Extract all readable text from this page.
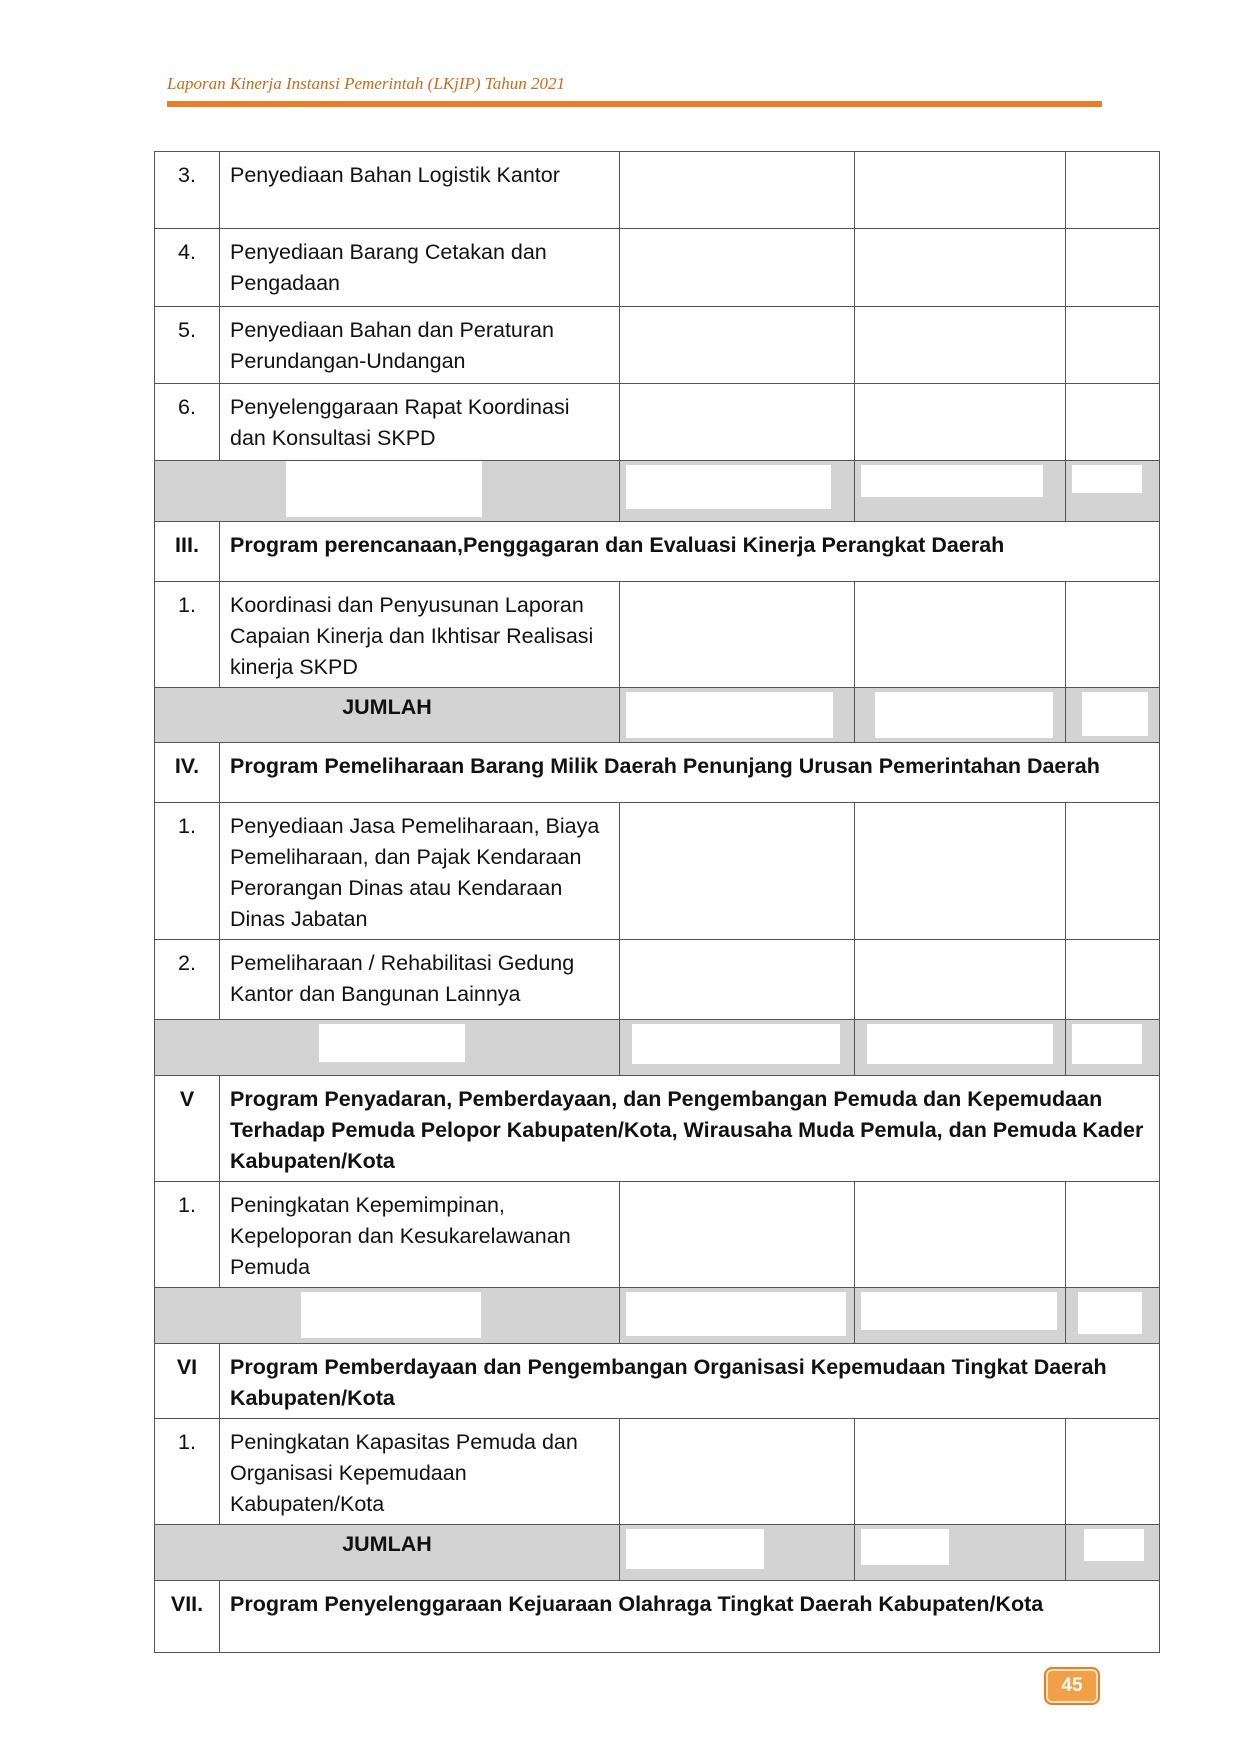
Laporan Kinerja Instansi Pemerintah (LKjIP) Tahun 2021
3.	Penyediaan Bahan Logistik Kantor			
4.	Penyediaan Barang Cetakan dan Pengadaan			
5.	Penyediaan Bahan dan Peraturan Perundangan-Undangan			
6.	Penyelenggaraan Rapat Koordinasi dan Konsultasi SKPD			

III.	Program perencanaan,Penggagaran dan Evaluasi Kinerja Perangkat Daerah			
1.	Koordinasi dan Penyusunan Laporan Capaian Kinerja dan Ikhtisar Realisasi kinerja SKPD			
JUMLAH		

IV.	Program Pemeliharaan Barang Milik Daerah Penunjang Urusan Pemerintahan Daerah			
1.	Penyediaan Jasa Pemeliharaan, Biaya Pemeliharaan, dan Pajak Kendaraan Perorangan Dinas atau Kendaraan Dinas Jabatan			
2.	Pemeliharaan / Rehabilitasi Gedung Kantor dan Bangunan Lainnya			

V	Program Penyadaran, Pemberdayaan, dan Pengembangan Pemuda dan Kepemudaan Terhadap Pemuda Pelopor Kabupaten/Kota, Wirausaha Muda Pemula, dan Pemuda Kader Kabupaten/Kota			
1.	Peningkatan Kepemimpinan, Kepeloporan dan Kesukarelawanan Pemuda			

VI	Program Pemberdayaan dan Pengembangan Organisasi Kepemudaan Tingkat Daerah Kabupaten/Kota			
1.	Peningkatan Kapasitas Pemuda dan Organisasi Kepemudaan Kabupaten/Kota			
JUMLAH		

VII.	Program Penyelenggaraan Kejuaraan Olahraga Tingkat Daerah Kabupaten/Kota			
45
